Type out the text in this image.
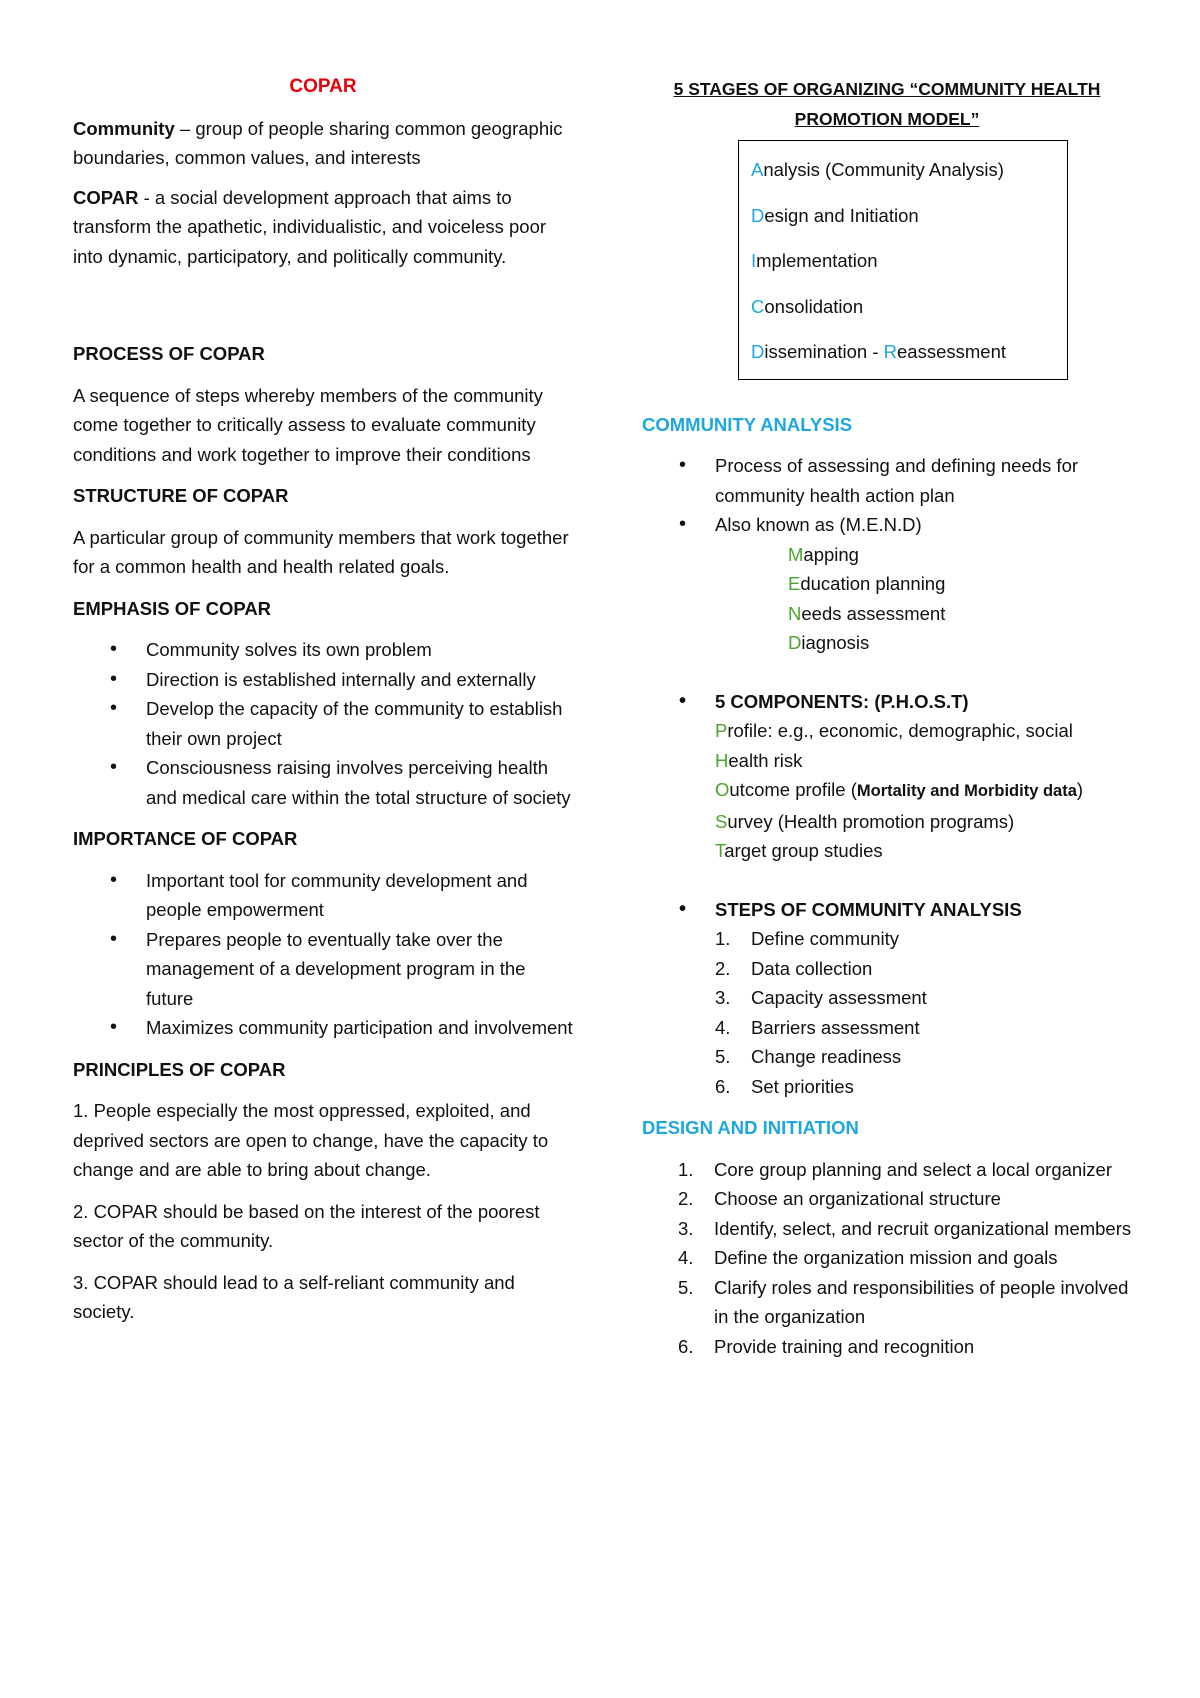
COPAR

Community – group of people sharing common geographic boundaries, common values, and interests

COPAR - a social development approach that aims to transform the apathetic, individualistic, and voiceless poor into dynamic, participatory, and politically community.

PROCESS OF COPAR

A sequence of steps whereby members of the community come together to critically assess to evaluate community conditions and work together to improve their conditions

STRUCTURE OF COPAR

A particular group of community members that work together for a common health and health related goals.

EMPHASIS OF COPAR

• Community solves its own problem
• Direction is established internally and externally
• Develop the capacity of the community to establish their own project
• Consciousness raising involves perceiving health and medical care within the total structure of society

IMPORTANCE OF COPAR

• Important tool for community development and people empowerment
• Prepares people to eventually take over the management of a development program in the future
• Maximizes community participation and involvement

PRINCIPLES OF COPAR

1. People especially the most oppressed, exploited, and deprived sectors are open to change, have the capacity to change and are able to bring about change.

2. COPAR should be based on the interest of the poorest sector of the community.

3. COPAR should lead to a self-reliant community and society.

5 STAGES OF ORGANIZING “COMMUNITY HEALTH PROMOTION MODEL”

Analysis (Community Analysis)

Design and Initiation

Implementation

Consolidation

Dissemination - Reassessment

COMMUNITY ANALYSIS

• Process of assessing and defining needs for community health action plan
• Also known as (M.E.N.D)

Mapping

Education planning

Needs assessment

Diagnosis

• 5 COMPONENTS: (P.H.O.S.T)

Profile: e.g., economic, demographic, social

Health risk

Outcome profile (Mortality and Morbidity data)

Survey (Health promotion programs)

Target group studies

• STEPS OF COMMUNITY ANALYSIS
1. Define community
2. Data collection
3. Capacity assessment
4. Barriers assessment
5. Change readiness
6. Set priorities

DESIGN AND INITIATION

1. Core group planning and select a local organizer
2. Choose an organizational structure
3. Identify, select, and recruit organizational members
4. Define the organization mission and goals
5. Clarify roles and responsibilities of people involved in the organization
6. Provide training and recognition
